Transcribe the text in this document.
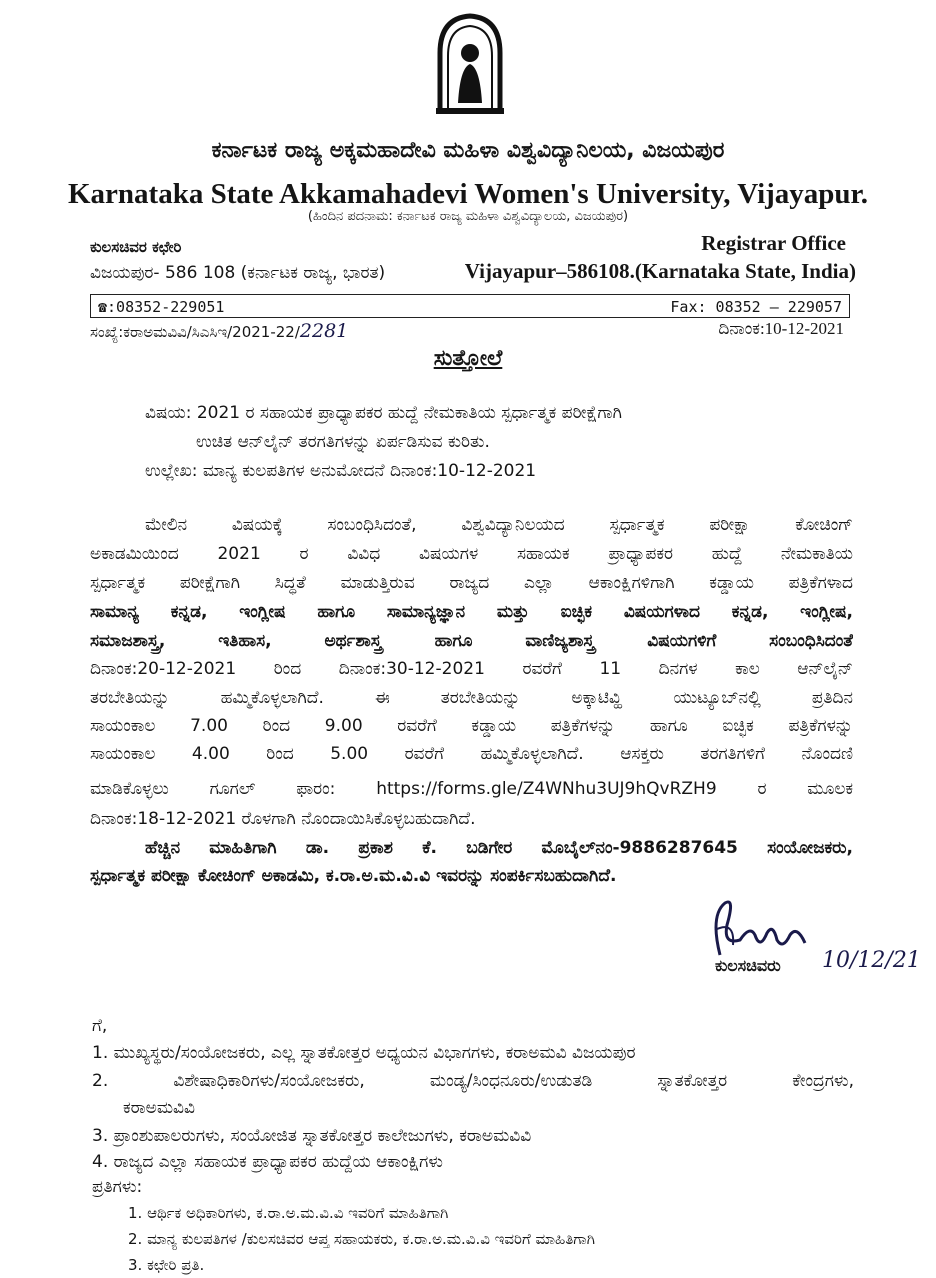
ಕರ್ನಾಟಕ ರಾಜ್ಯ ಅಕ್ಕಮಹಾದೇವಿ ಮಹಿಳಾ ವಿಶ್ವವಿದ್ಯಾನಿಲಯ, ವಿಜಯಪುರ
Karnataka State Akkamahadevi Women's University, Vijayapur.
(ಹಿಂದಿನ ಪದನಾಮ: ಕರ್ನಾಟಕ ರಾಜ್ಯ ಮಹಿಳಾ ವಿಶ್ವವಿದ್ಯಾಲಯ, ವಿಜಯಪುರ)
ಕುಲಸಚಿವರ ಕಛೇರಿ	Registrar Office
ವಿಜಯಪುರ- 586 108 (ಕರ್ನಾಟಕ ರಾಜ್ಯ, ಭಾರತ)	Vijayapur–586108.(Karnataka State, India)
☎:08352-229051	Fax: 08352 – 229057
ಸಂಖ್ಯೆ:ಕರಾಅಮವಿವಿ/ಸಿಎಸಿಇ/2021-22/2281	ದಿನಾಂಕ:10-12-2021
ಸುತ್ತೋಲೆ
ವಿಷಯ: 2021 ರ ಸಹಾಯಕ ಪ್ರಾಧ್ಯಾಪಕರ ಹುದ್ದೆ ನೇಮಕಾತಿಯ ಸ್ಪರ್ಧಾತ್ಮಕ ಪರೀಕ್ಷೆಗಾಗಿ
ಉಚಿತ ಆನ್‌ಲೈನ್ ತರಗತಿಗಳನ್ನು ಏರ್ಪಡಿಸುವ ಕುರಿತು.
ಉಲ್ಲೇಖ: ಮಾನ್ಯ ಕುಲಪತಿಗಳ ಅನುಮೋದನೆ ದಿನಾಂಕ:10-12-2021
ಮೇಲಿನ ವಿಷಯಕ್ಕೆ ಸಂಬಂಧಿಸಿದಂತೆ, ವಿಶ್ವವಿದ್ಯಾನಿಲಯದ ಸ್ಪರ್ಧಾತ್ಮಕ ಪರೀಕ್ಷಾ ಕೋಚಿಂಗ್
ಅಕಾಡಮಿಯಿಂದ 2021 ರ ವಿವಿಧ ವಿಷಯಗಳ ಸಹಾಯಕ ಪ್ರಾಧ್ಯಾಪಕರ ಹುದ್ದೆ ನೇಮಕಾತಿಯ
ಸ್ಪರ್ಧಾತ್ಮಕ ಪರೀಕ್ಷೆಗಾಗಿ ಸಿದ್ಧತೆ ಮಾಡುತ್ತಿರುವ ರಾಜ್ಯದ ಎಲ್ಲಾ ಆಕಾಂಕ್ಷಿಗಳಿಗಾಗಿ ಕಡ್ಡಾಯ ಪತ್ರಿಕೆಗಳಾದ
ಸಾಮಾನ್ಯ ಕನ್ನಡ, ಇಂಗ್ಲೀಷ ಹಾಗೂ ಸಾಮಾನ್ಯಜ್ಞಾನ ಮತ್ತು ಐಚ್ಛಿಕ ವಿಷಯಗಳಾದ ಕನ್ನಡ, ಇಂಗ್ಲೀಷ,
ಸಮಾಜಶಾಸ್ತ್ರ, ಇತಿಹಾಸ, ಅರ್ಥಶಾಸ್ತ್ರ ಹಾಗೂ ವಾಣಿಜ್ಯಶಾಸ್ತ್ರ ವಿಷಯಗಳಿಗೆ ಸಂಬಂಧಿಸಿದಂತೆ
ದಿನಾಂಕ:20-12-2021 ರಿಂದ ದಿನಾಂಕ:30-12-2021 ರವರೆಗೆ 11 ದಿನಗಳ ಕಾಲ ಆನ್‌ಲೈನ್
ತರಬೇತಿಯನ್ನು ಹಮ್ಮಿಕೊಳ್ಳಲಾಗಿದೆ. ಈ ತರಬೇತಿಯನ್ನು ಅಕ್ಕಾಟಿವ್ಹಿ ಯುಟ್ಯೂಬ್‌ನಲ್ಲಿ ಪ್ರತಿದಿನ
ಸಾಯಂಕಾಲ 7.00 ರಿಂದ 9.00 ರವರೆಗೆ ಕಡ್ಡಾಯ ಪತ್ರಿಕೆಗಳನ್ನು ಹಾಗೂ ಐಚ್ಛಿಕ ಪತ್ರಿಕೆಗಳನ್ನು
ಸಾಯಂಕಾಲ 4.00 ರಿಂದ 5.00 ರವರೆಗೆ ಹಮ್ಮಿಕೊಳ್ಳಲಾಗಿದೆ. ಆಸಕ್ತರು ತರಗತಿಗಳಿಗೆ ನೊಂದಣಿ
ಮಾಡಿಕೊಳ್ಳಲು ಗೂಗಲ್ ಫಾರಂ: https://forms.gle/Z4WNhu3UJ9hQvRZH9 ರ ಮೂಲಕ
ದಿನಾಂಕ:18-12-2021 ರೊಳಗಾಗಿ ನೊಂದಾಯಿಸಿಕೊಳ್ಳಬಹುದಾಗಿದೆ.
ಹೆಚ್ಚಿನ ಮಾಹಿತಿಗಾಗಿ ಡಾ. ಪ್ರಕಾಶ ಕೆ. ಬಡಿಗೇರ ಮೊಬೈಲ್‌ನಂ-9886287645 ಸಂಯೋಜಕರು,
ಸ್ಪರ್ಧಾತ್ಮಕ ಪರೀಕ್ಷಾ ಕೋಚಿಂಗ್ ಅಕಾಡಮಿ, ಕ.ರಾ.ಅ.ಮ.ವಿ.ವಿ ಇವರನ್ನು ಸಂಪರ್ಕಿಸಬಹುದಾಗಿದೆ.
ಕುಲಸಚಿವರು 10/12/21
ಗೆ,
1. ಮುಖ್ಯಸ್ಥರು/ಸಂಯೋಜಕರು, ಎಲ್ಲ ಸ್ನಾತಕೋತ್ತರ ಅಧ್ಯಯನ ವಿಭಾಗಗಳು, ಕರಾಅಮವಿ ವಿಜಯಪುರ
2. ವಿಶೇಷಾಧಿಕಾರಿಗಳು/ಸಂಯೋಜಕರು, ಮಂಡ್ಯ/ಸಿಂಧನೂರು/ಉಡುತಡಿ ಸ್ನಾತಕೋತ್ತರ ಕೇಂದ್ರಗಳು,
ಕರಾಅಮವಿವಿ
3. ಪ್ರಾಂಶುಪಾಲರುಗಳು, ಸಂಯೋಜಿತ ಸ್ನಾತಕೋತ್ತರ ಕಾಲೇಜುಗಳು, ಕರಾಅಮವಿವಿ
4. ರಾಜ್ಯದ ಎಲ್ಲಾ ಸಹಾಯಕ ಪ್ರಾಧ್ಯಾಪಕರ ಹುದ್ದೆಯ ಆಕಾಂಕ್ಷಿಗಳು
ಪ್ರತಿಗಳು:
1. ಆರ್ಥಿಕ ಅಧಿಕಾರಿಗಳು, ಕ.ರಾ.ಅ.ಮ.ವಿ.ವಿ ಇವರಿಗೆ ಮಾಹಿತಿಗಾಗಿ
2. ಮಾನ್ಯ ಕುಲಪತಿಗಳ /ಕುಲಸಚಿವರ ಆಪ್ತ ಸಹಾಯಕರು, ಕ.ರಾ.ಅ.ಮ.ವಿ.ವಿ ಇವರಿಗೆ ಮಾಹಿತಿಗಾಗಿ
3. ಕಛೇರಿ ಪ್ರತಿ.
